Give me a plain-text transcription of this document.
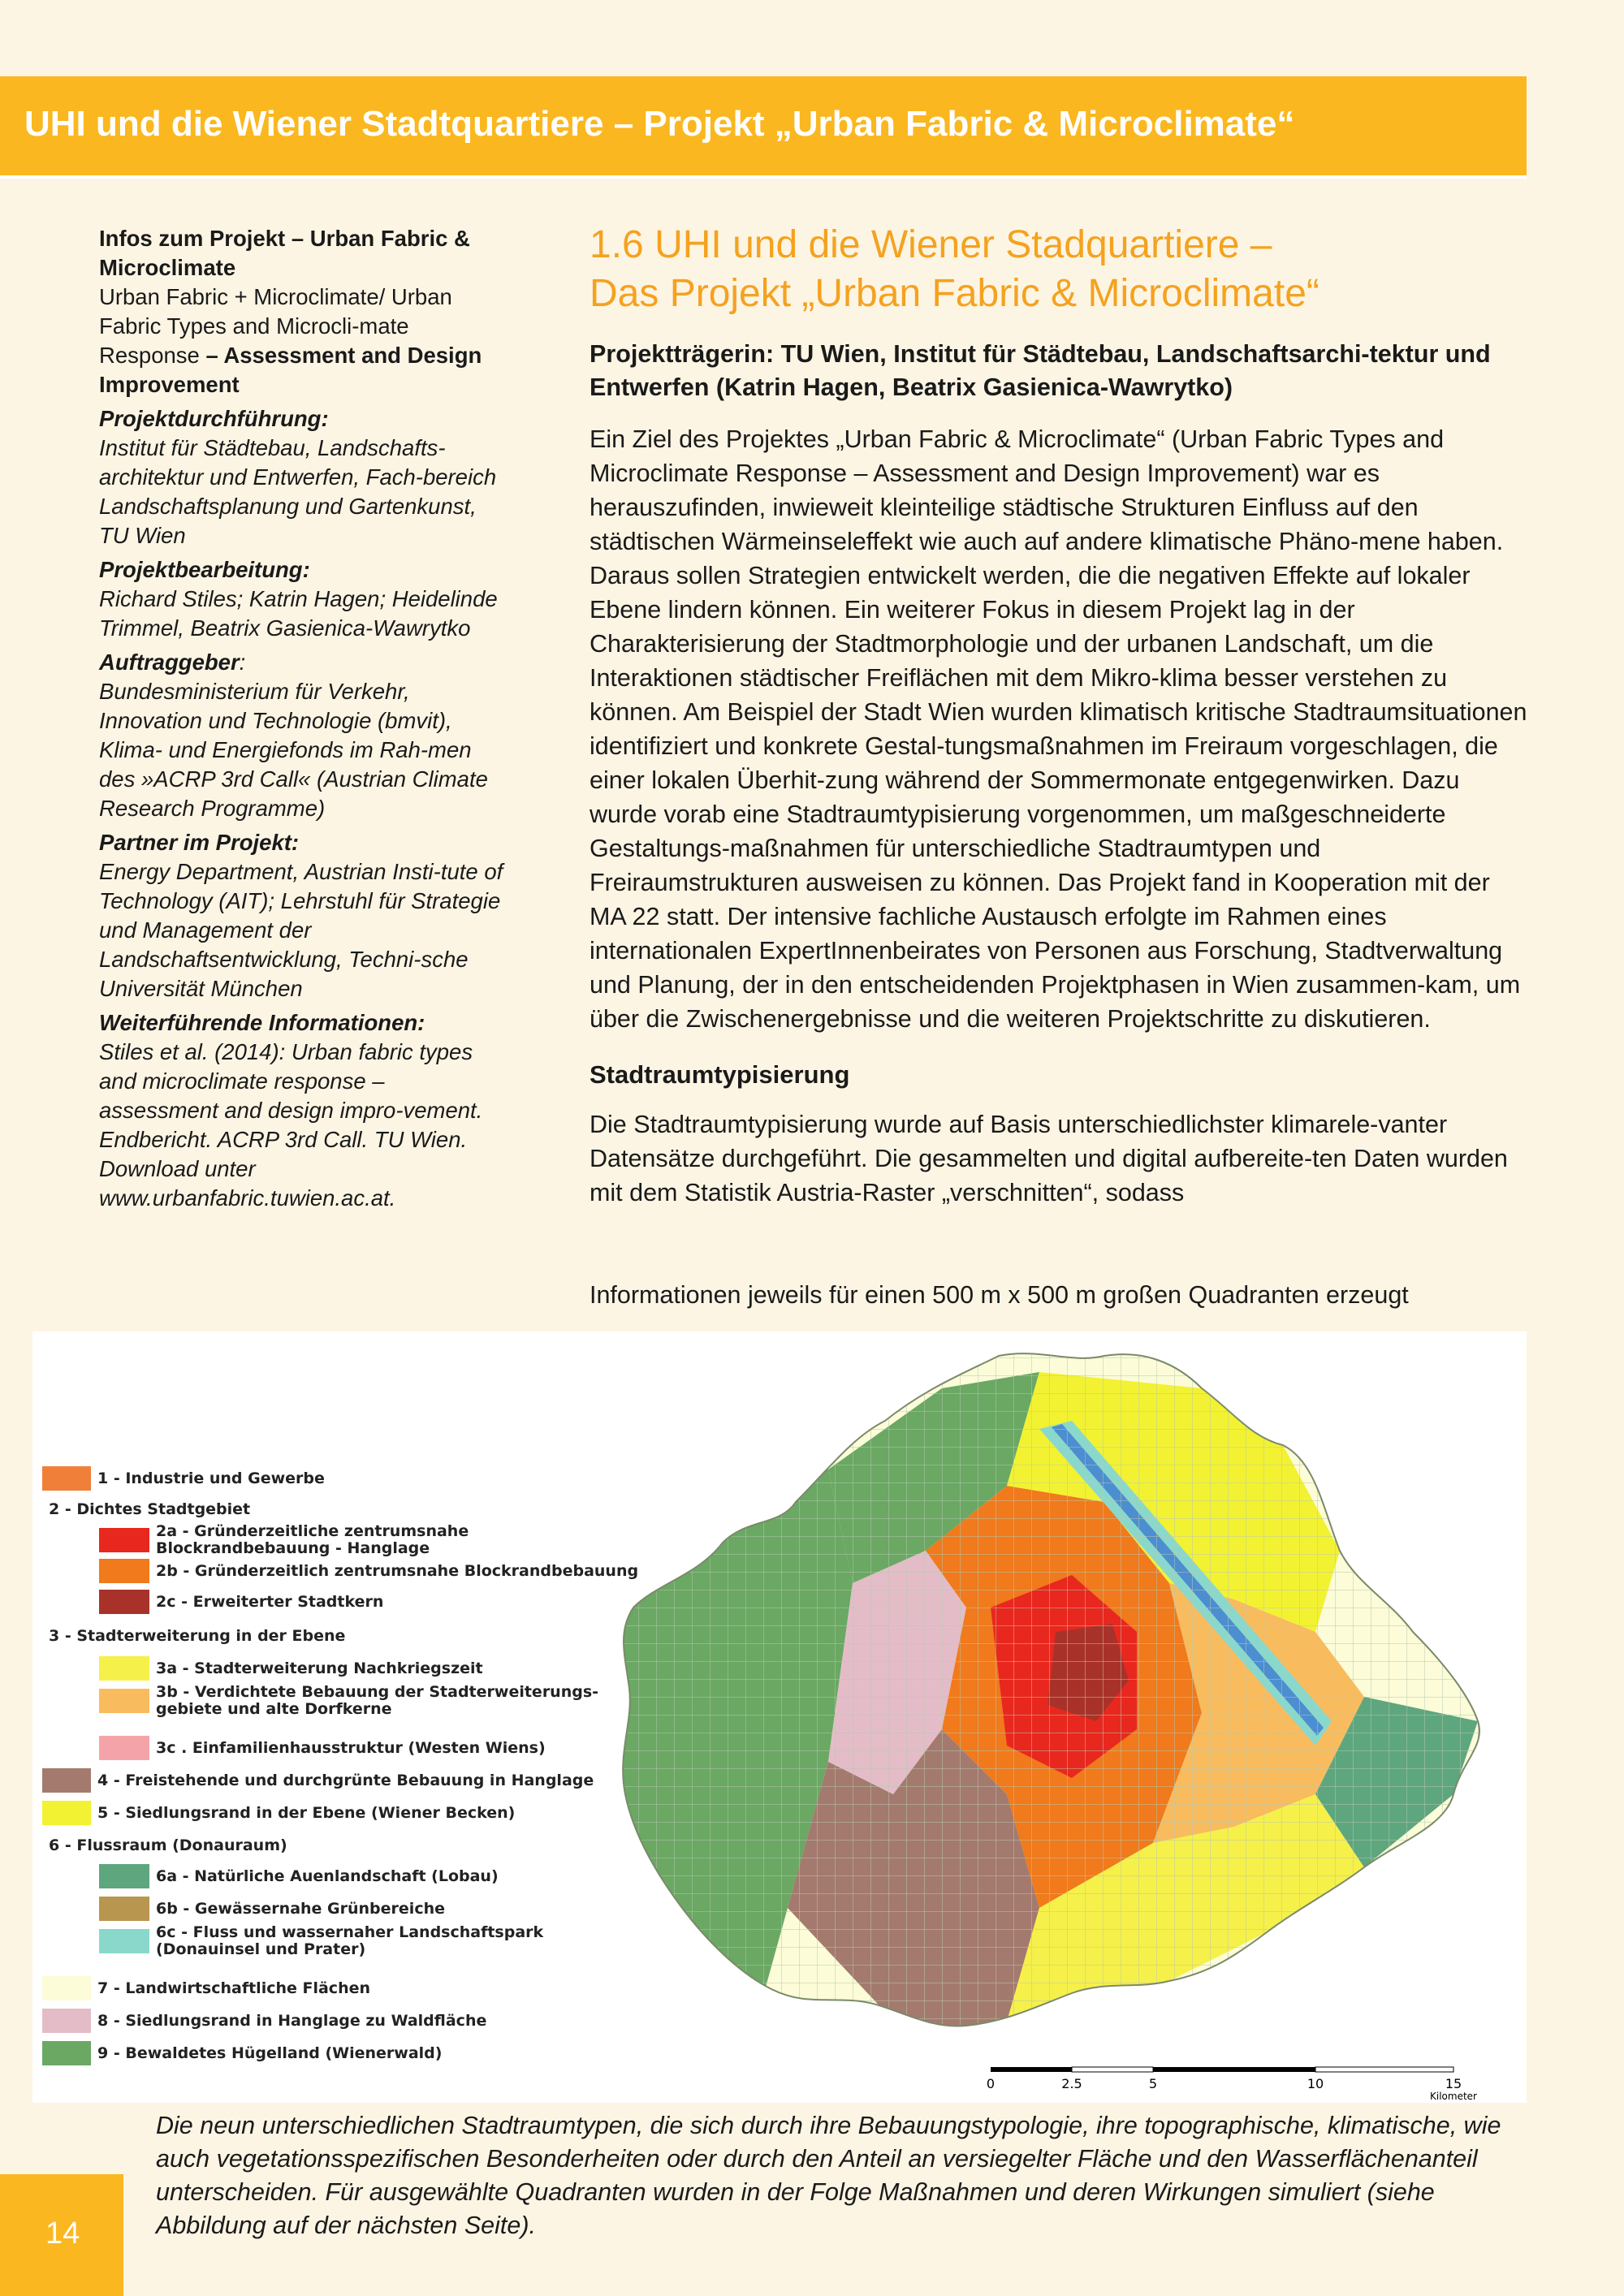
UHI und die Wiener Stadtquartiere – Projekt „Urban Fabric & Microclimate“
Infos zum Projekt – Urban Fabric & Microclimate
Urban Fabric + Microclimate/ Urban Fabric Types and Microcli-mate Response – Assessment and Design Improvement
Projektdurchführung:
Institut für Städtebau, Landschafts-architektur und Entwerfen, Fach-bereich Landschaftsplanung und Gartenkunst, TU Wien
Projektbearbeitung:
Richard Stiles; Katrin Hagen; Heidelinde Trimmel, Beatrix Gasienica-Wawrytko
Auftraggeber:
Bundesministerium für Verkehr, Innovation und Technologie (bmvit), Klima- und Energiefonds im Rah-men des »ACRP 3rd Call« (Austrian Climate Research Programme)
Partner im Projekt:
Energy Department, Austrian Insti-tute of Technology (AIT); Lehrstuhl für Strategie und Management der Landschaftsentwicklung, Techni-sche Universität München
Weiterführende Informationen:
Stiles et al. (2014): Urban fabric types and microclimate response – assessment and design impro-vement. Endbericht. ACRP 3rd Call. TU Wien. Download unter www.urbanfabric.tuwien.ac.at.
1.6 UHI und die Wiener Stadquartiere –
Das Projekt „Urban Fabric & Microclimate“
Projektträgerin: TU Wien, Institut für Städtebau, Landschaftsarchi-tektur und Entwerfen (Katrin Hagen, Beatrix Gasienica-Wawrytko)

Ein Ziel des Projektes „Urban Fabric & Microclimate“ (Urban Fabric Types and Microclimate Response – Assessment and Design Improvement) war es herauszufinden, inwieweit kleinteilige städtische Strukturen Einfluss auf den städtischen Wärmeinseleffekt wie auch auf andere klimatische Phäno-mene haben. Daraus sollen Strategien entwickelt werden, die die negativen Effekte auf lokaler Ebene lindern können. Ein weiterer Fokus in diesem Projekt lag in der Charakterisierung der Stadtmorphologie und der urbanen Landschaft, um die Interaktionen städtischer Freiflächen mit dem Mikro-klima besser verstehen zu können. Am Beispiel der Stadt Wien wurden klimatisch kritische Stadtraumsituationen identifiziert und konkrete Gestal-tungsmaßnahmen im Freiraum vorgeschlagen, die einer lokalen Überhit-zung während der Sommermonate entgegenwirken. Dazu wurde vorab eine Stadtraumtypisierung vorgenommen, um maßgeschneiderte Gestaltungs-maßnahmen für unterschiedliche Stadtraumtypen und Freiraumstrukturen ausweisen zu können. Das Projekt fand in Kooperation mit der MA 22 statt. Der intensive fachliche Austausch erfolgte im Rahmen eines internationalen ExpertInnenbeirates von Personen aus Forschung, Stadtverwaltung und Planung, der in den entscheidenden Projektphasen in Wien zusammen-kam, um über die Zwischenergebnisse und die weiteren Projektschritte zu diskutieren.

Stadtraumtypisierung

Die Stadtraumtypisierung wurde auf Basis unterschiedlichster klimarele-vanter Datensätze durchgeführt. Die gesammelten und digital aufbereite-ten Daten wurden mit dem Statistik Austria-Raster „verschnitten“, sodass

Informationen jeweils für einen 500 m x 500 m großen Quadranten erzeugt
1 - Industrie und Gewerbe
2 - Dichtes Stadtgebiet
2a - Gründerzeitliche zentrumsnahe Blockrandbebauung - Hanglage
2b - Gründerzeitlich zentrumsnahe Blockrandbebauung
2c - Erweiterter Stadtkern
3 - Stadterweiterung in der Ebene
3a - Stadterweiterung Nachkriegszeit
3b - Verdichtete Bebauung der Stadterweiterungs-gebiete und alte Dorfkerne
3c . Einfamilienhausstruktur (Westen Wiens)
4 - Freistehende und durchgrünte Bebauung in Hanglage
5 - Siedlungsrand in der Ebene (Wiener Becken)
6 - Flussraum (Donauraum)
6a - Natürliche Auenlandschaft (Lobau)
6b - Gewässernahe Grünbereiche
6c - Fluss und wassernaher Landschaftspark (Donauinsel und Prater)
7 - Landwirtschaftliche Flächen
8 - Siedlungsrand in Hanglage zu Waldfläche
9 - Bewaldetes Hügelland (Wienerwald)
0	2.5	5	10	15
Kilometer
Die neun unterschiedlichen Stadtraumtypen, die sich durch ihre Bebauungstypologie, ihre topographische, klimatische, wie auch vegetationsspezifischen Besonderheiten oder durch den Anteil an versiegelter Fläche und den Wasserflächenanteil unterscheiden. Für ausgewählte Quadranten wurden in der Folge Maßnahmen und deren Wirkungen simuliert (siehe Abbildung auf der nächsten Seite).
14
